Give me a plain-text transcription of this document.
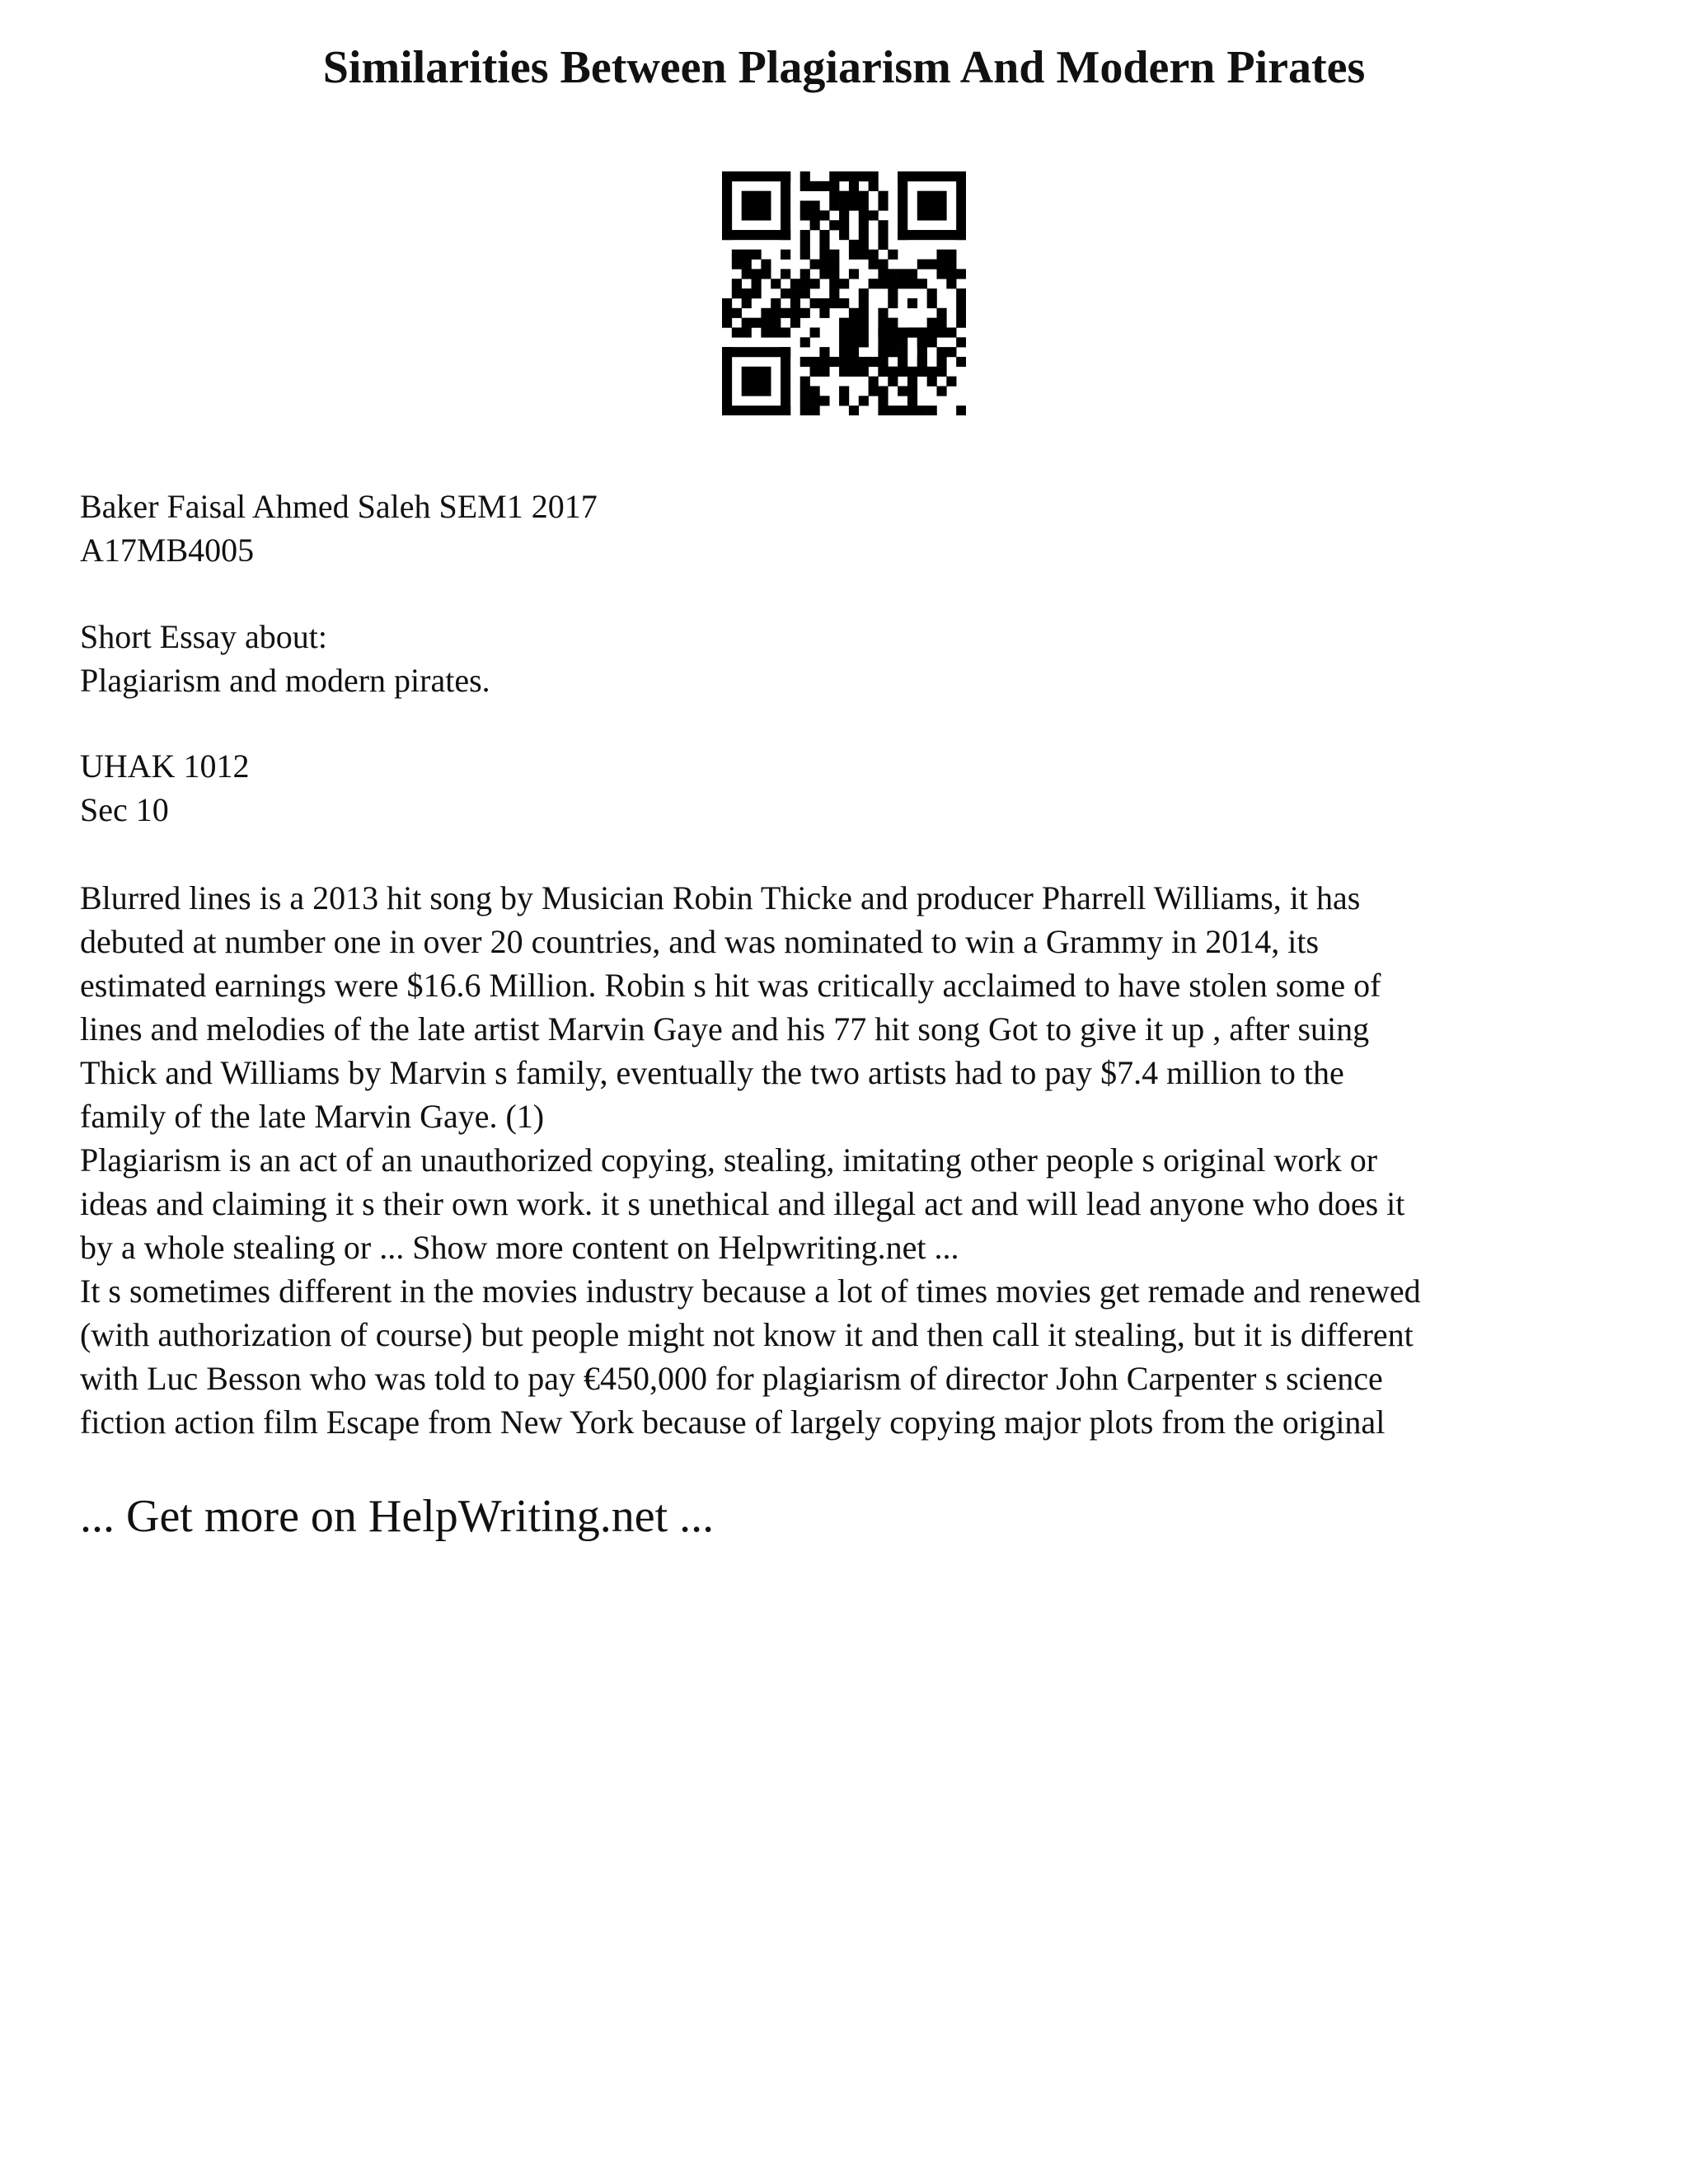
Similarities Between Plagiarism And Modern Pirates
Baker Faisal Ahmed Saleh SEM1 2017
A17MB4005
Short Essay about:
Plagiarism and modern pirates.
UHAK 1012
Sec 10
Blurred lines is a 2013 hit song by Musician Robin Thicke and producer Pharrell Williams, it has
debuted at number one in over 20 countries, and was nominated to win a Grammy in 2014, its
estimated earnings were $16.6 Million. Robin s hit was critically acclaimed to have stolen some of
lines and melodies of the late artist Marvin Gaye and his 77 hit song Got to give it up , after suing
Thick and Williams by Marvin s family, eventually the two artists had to pay $7.4 million to the
family of the late Marvin Gaye. (1)
Plagiarism is an act of an unauthorized copying, stealing, imitating other people s original work or
ideas and claiming it s their own work. it s unethical and illegal act and will lead anyone who does it
by a whole stealing or ... Show more content on Helpwriting.net ...
It s sometimes different in the movies industry because a lot of times movies get remade and renewed
(with authorization of course) but people might not know it and then call it stealing, but it is different
with Luc Besson who was told to pay €450,000 for plagiarism of director John Carpenter s science
fiction action film Escape from New York because of largely copying major plots from the original
... Get more on HelpWriting.net ...
